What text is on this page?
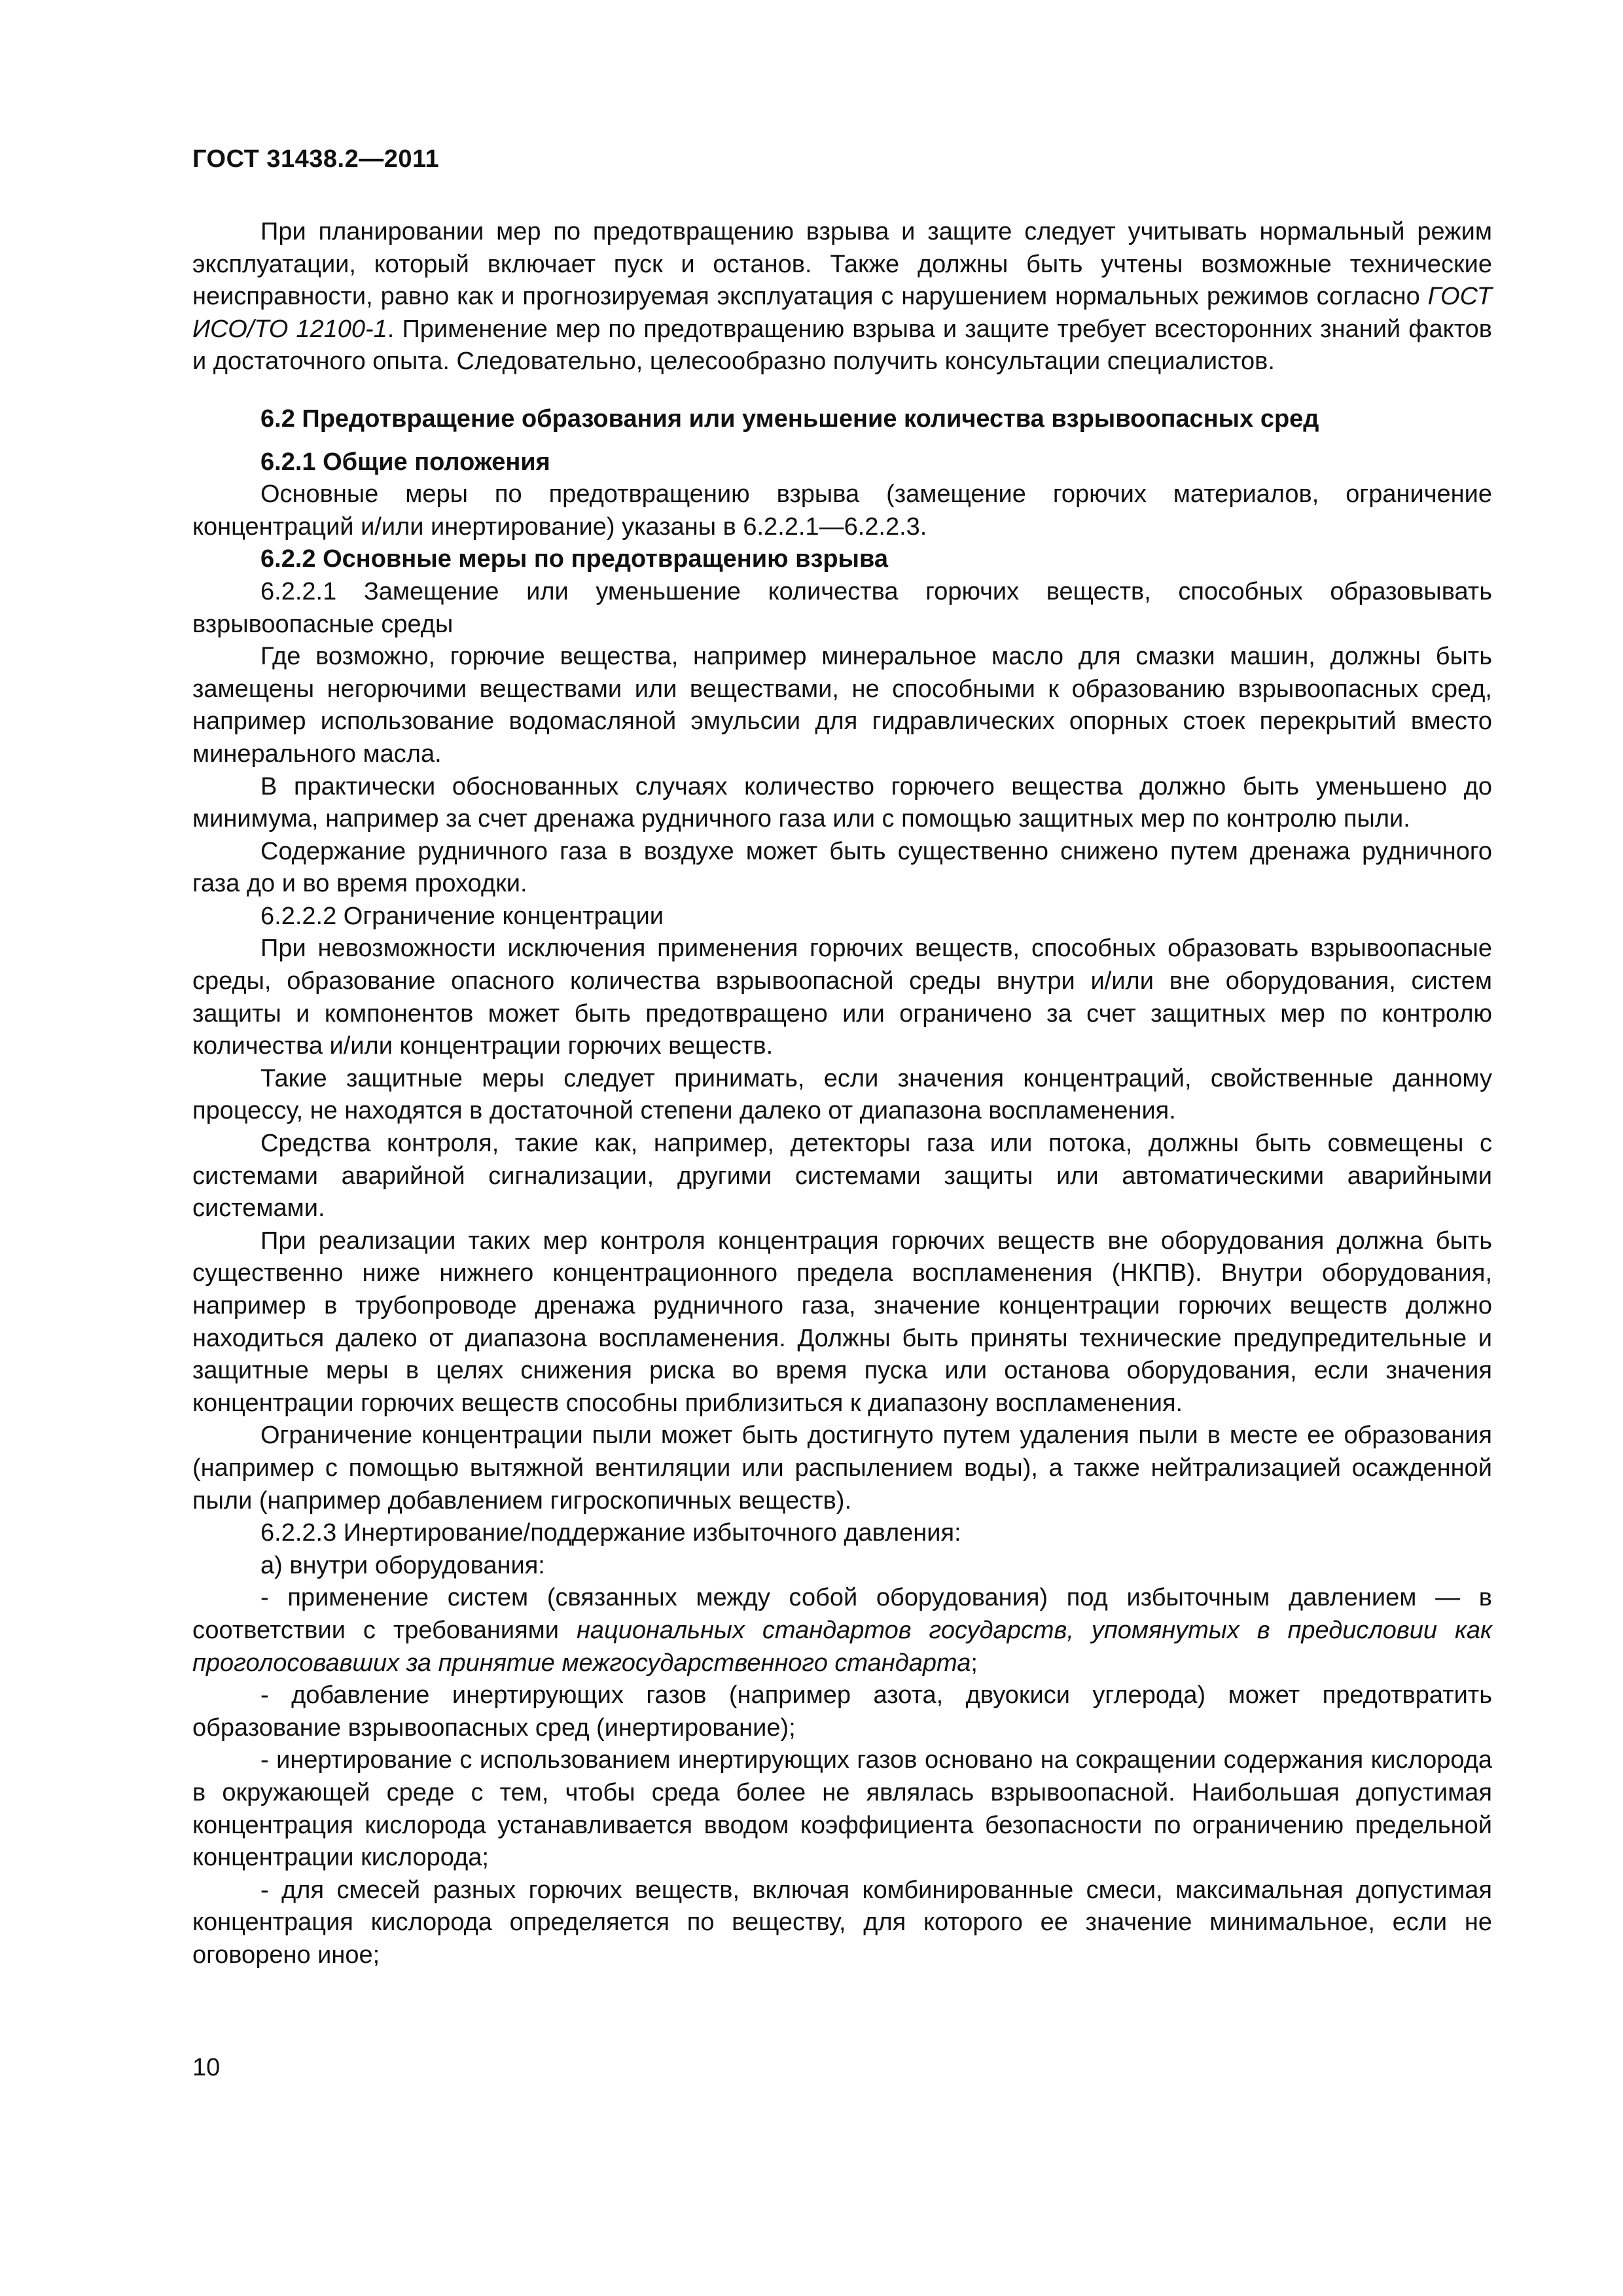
ГОСТ 31438.2—2011

При планировании мер по предотвращению взрыва и защите следует учитывать нормальный режим эксплуатации, который включает пуск и останов. Также должны быть учтены возможные технические неисправности, равно как и прогнозируемая эксплуатация с нарушением нормальных режимов согласно ГОСТ ИСО/ТО 12100-1. Применение мер по предотвращению взрыва и защите требует всесторонних знаний фактов и достаточного опыта. Следовательно, целесообразно получить консультации специалистов.

6.2 Предотвращение образования или уменьшение количества взрывоопасных сред

6.2.1 Общие положения

Основные меры по предотвращению взрыва (замещение горючих материалов, ограничение концентраций и/или инертирование) указаны в 6.2.2.1—6.2.2.3.

6.2.2 Основные меры по предотвращению взрыва

6.2.2.1 Замещение или уменьшение количества горючих веществ, способных образовывать взрывоопасные среды

Где возможно, горючие вещества, например минеральное масло для смазки машин, должны быть замещены негорючими веществами или веществами, не способными к образованию взрывоопасных сред, например использование водомасляной эмульсии для гидравлических опорных стоек перекрытий вместо минерального масла.

В практически обоснованных случаях количество горючего вещества должно быть уменьшено до минимума, например за счет дренажа рудничного газа или с помощью защитных мер по контролю пыли.

Содержание рудничного газа в воздухе может быть существенно снижено путем дренажа рудничного газа до и во время проходки.

6.2.2.2 Ограничение концентрации

При невозможности исключения применения горючих веществ, способных образовать взрывоопасные среды, образование опасного количества взрывоопасной среды внутри и/или вне оборудования, систем защиты и компонентов может быть предотвращено или ограничено за счет защитных мер по контролю количества и/или концентрации горючих веществ.

Такие защитные меры следует принимать, если значения концентраций, свойственные данному процессу, не находятся в достаточной степени далеко от диапазона воспламенения.

Средства контроля, такие как, например, детекторы газа или потока, должны быть совмещены с системами аварийной сигнализации, другими системами защиты или автоматическими аварийными системами.

При реализации таких мер контроля концентрация горючих веществ вне оборудования должна быть существенно ниже нижнего концентрационного предела воспламенения (НКПВ). Внутри оборудования, например в трубопроводе дренажа рудничного газа, значение концентрации горючих веществ должно находиться далеко от диапазона воспламенения. Должны быть приняты технические предупредительные и защитные меры в целях снижения риска во время пуска или останова оборудования, если значения концентрации горючих веществ способны приблизиться к диапазону воспламенения.

Ограничение концентрации пыли может быть достигнуто путем удаления пыли в месте ее образования (например с помощью вытяжной вентиляции или распылением воды), а также нейтрализацией осажденной пыли (например добавлением гигроскопичных веществ).

6.2.2.3 Инертирование/поддержание избыточного давления:

а) внутри оборудования:

- применение систем (связанных между собой оборудования) под избыточным давлением — в соответствии с требованиями национальных стандартов государств, упомянутых в предисловии как проголосовавших за принятие межгосударственного стандарта;

- добавление инертирующих газов (например азота, двуокиси углерода) может предотвратить образование взрывоопасных сред (инертирование);

- инертирование с использованием инертирующих газов основано на сокращении содержания кислорода в окружающей среде с тем, чтобы среда более не являлась взрывоопасной. Наибольшая допустимая концентрация кислорода устанавливается вводом коэффициента безопасности по ограничению предельной концентрации кислорода;

- для смесей разных горючих веществ, включая комбинированные смеси, максимальная допустимая концентрация кислорода определяется по веществу, для которого ее значение минимальное, если не оговорено иное;

10
